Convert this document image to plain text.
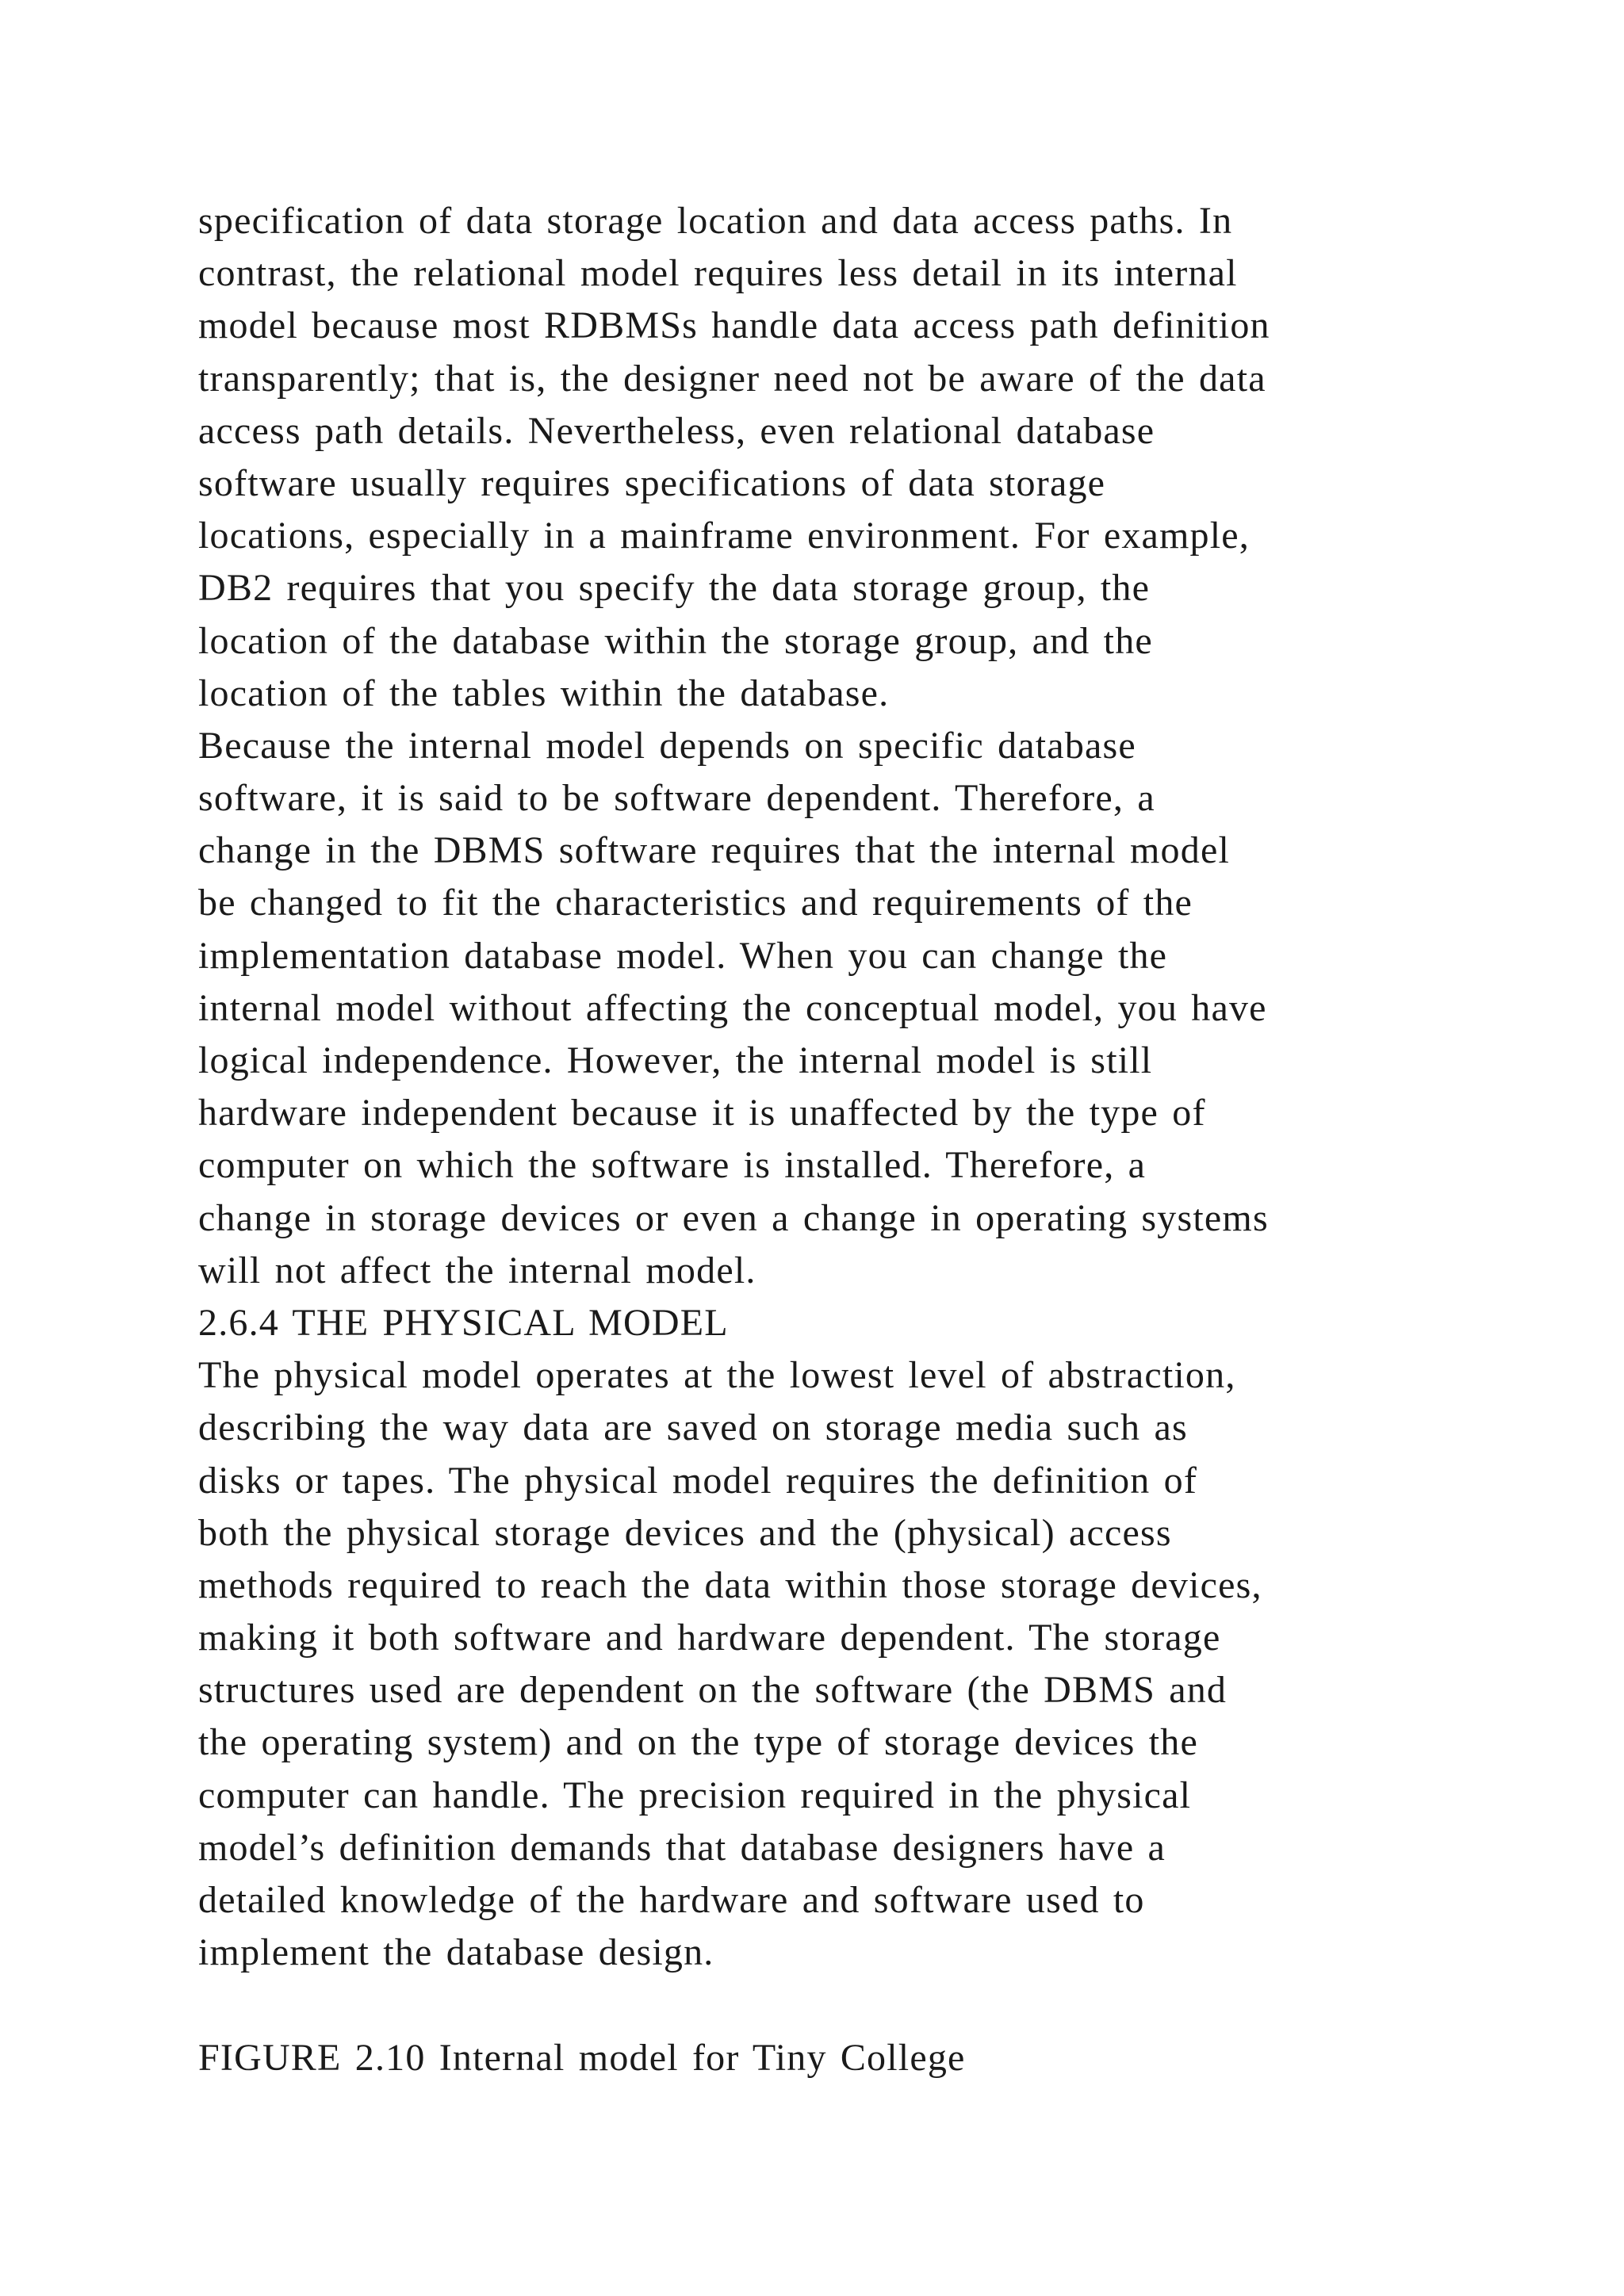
specification of data storage location and data access paths. In
contrast, the relational model requires less detail in its internal
model because most RDBMSs handle data access path definition
transparently; that is, the designer need not be aware of the data
access path details. Nevertheless, even relational database
software usually requires specifications of data storage
locations, especially in a mainframe environment. For example,
DB2 requires that you specify the data storage group, the
location of the database within the storage group, and the
location of the tables within the database.
Because the internal model depends on specific database
software, it is said to be software dependent. Therefore, a
change in the DBMS software requires that the internal model
be changed to fit the characteristics and requirements of the
implementation database model. When you can change the
internal model without affecting the conceptual model, you have
logical independence. However, the internal model is still
hardware independent because it is unaffected by the type of
computer on which the software is installed. Therefore, a
change in storage devices or even a change in operating systems
will not affect the internal model.
2.6.4 THE PHYSICAL MODEL
The physical model operates at the lowest level of abstraction,
describing the way data are saved on storage media such as
disks or tapes. The physical model requires the definition of
both the physical storage devices and the (physical) access
methods required to reach the data within those storage devices,
making it both software and hardware dependent. The storage
structures used are dependent on the software (the DBMS and
the operating system) and on the type of storage devices the
computer can handle. The precision required in the physical
model’s definition demands that database designers have a
detailed knowledge of the hardware and software used to
implement the database design.
FIGURE 2.10 Internal model for Tiny College
